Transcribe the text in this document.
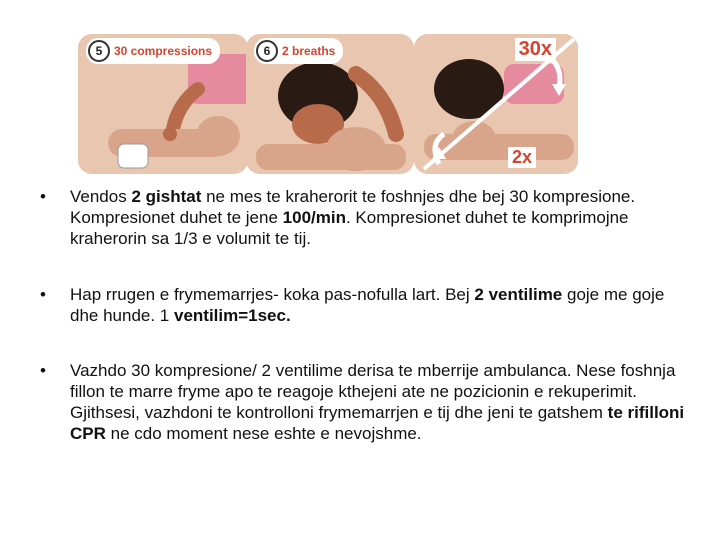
5 30 compressions	6 2 breaths	30x
2x
•	Vendos 2 gishtat ne mes te kraherorit te foshnjes dhe bej 30 kompresione. Kompresionet duhet te jene 100/min. Kompresionet duhet te komprimojne kraherorin sa 1/3 e volumit te tij.
•	Hap rrugen e frymemarrjes- koka pas-nofulla lart. Bej 2 ventilime goje me goje dhe hunde. 1 ventilim=1sec.
•	Vazhdo 30 kompresione/ 2 ventilime derisa te mberrije ambulanca. Nese foshnja fillon te marre fryme apo te reagoje kthejeni ate ne pozicionin e rekuperimit. Gjithsesi, vazhdoni te kontrolloni frymemarrjen e tij dhe jeni te gatshem te rifilloni CPR ne cdo moment nese eshte e nevojshme.
